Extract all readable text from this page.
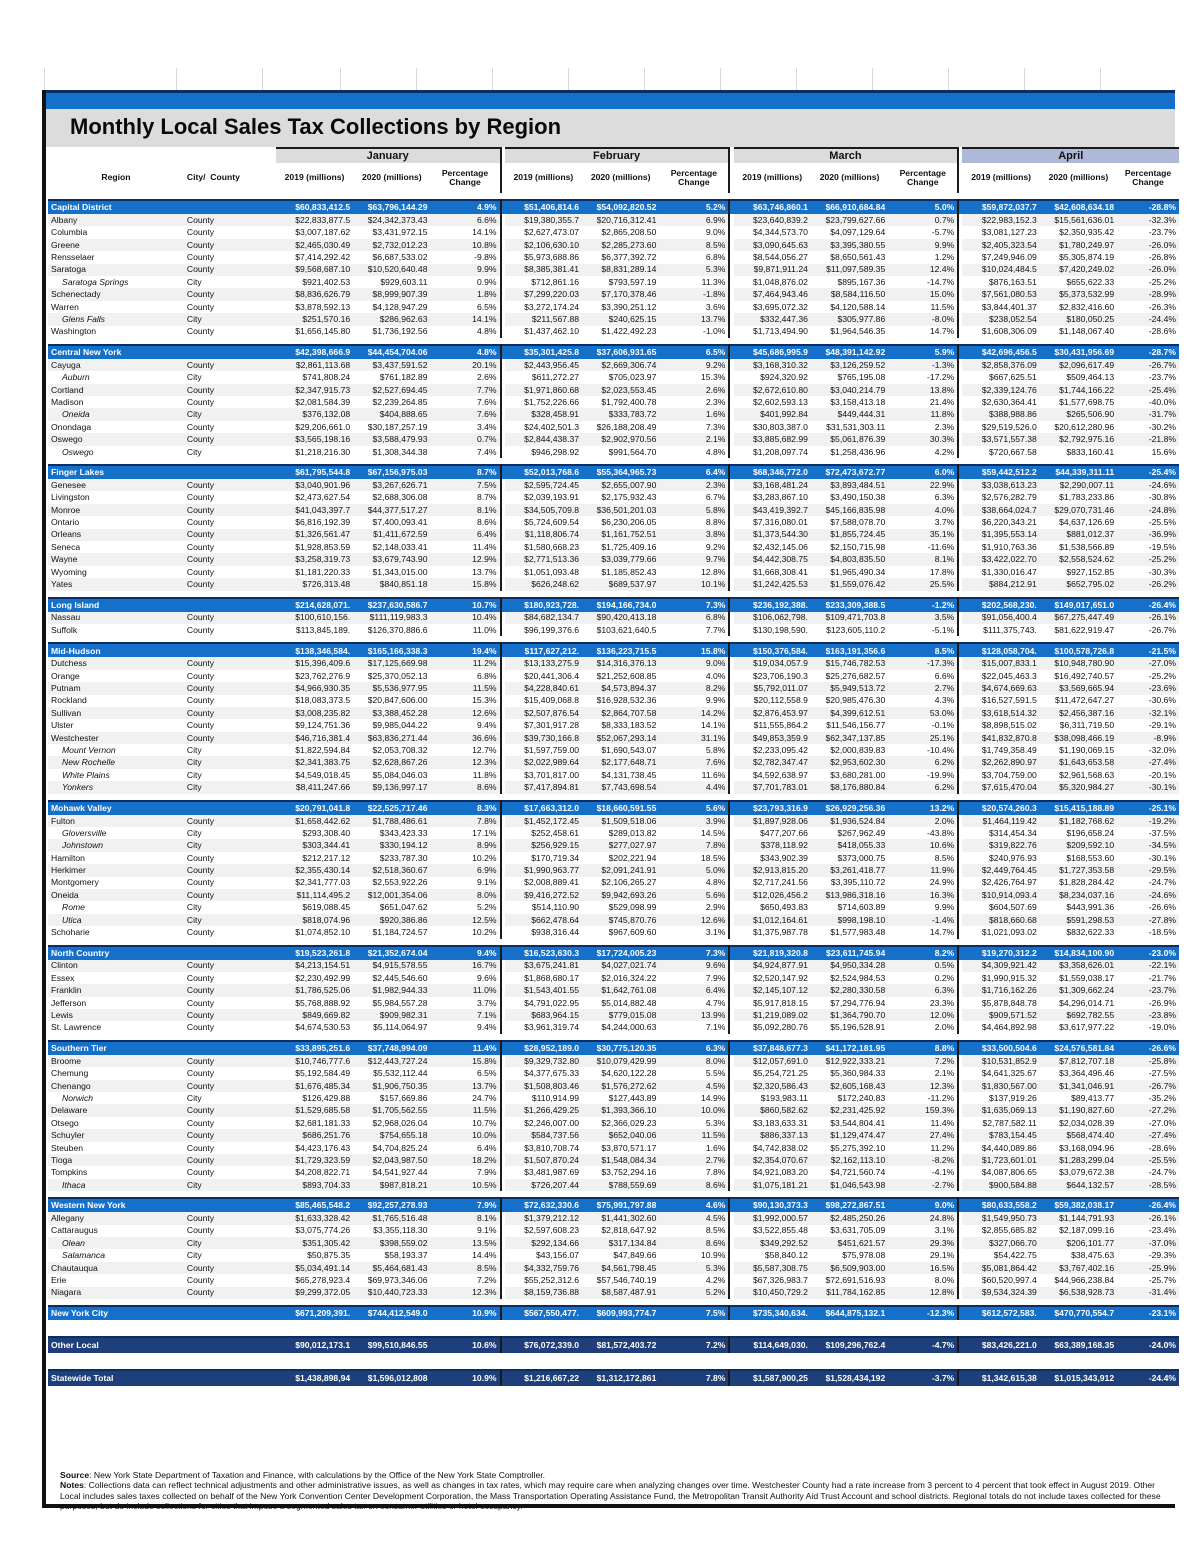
Monthly Local Sales Tax Collections by Region
		January				February				March				April		
Region	City/ County	2019 (millions)	2020 (millions)	Percentage Change		2019 (millions)	2020 (millions)	Percentage Change		2019 (millions)	2020 (millions)	Percentage Change		2019 (millions)	2020 (millions)	Percentage Change

Capital District		$60,833,412.5	$63,796,144.29	4.9%		$51,406,814.6	$54,092,820.52	5.2%		$63,746,860.1	$66,910,684.84	5.0%		$59,872,037.7	$42,608,634.18	-28.8%
Albany	County	$22,833,877.5	$24,342,373.43	6.6%		$19,380,355.7	$20,716,312.41	6.9%		$23,640,839.2	$23,799,627.66	0.7%		$22,983,152.3	$15,561,636.01	-32.3%
Columbia	County	$3,007,187.62	$3,431,972.15	14.1%		$2,627,473.07	$2,865,208.50	9.0%		$4,344,573.70	$4,097,129.64	-5.7%		$3,081,127.23	$2,350,935.42	-23.7%
Greene	County	$2,465,030.49	$2,732,012.23	10.8%		$2,106,630.10	$2,285,273.60	8.5%		$3,090,645.63	$3,395,380.55	9.9%		$2,405,323.54	$1,780,249.97	-26.0%
Rensselaer	County	$7,414,292.42	$6,687,533.02	-9.8%		$5,973,688.86	$6,377,392.72	6.8%		$8,544,056.27	$8,650,561.43	1.2%		$7,249,946.09	$5,305,874.19	-26.8%
Saratoga	County	$9,568,687.10	$10,520,640.48	9.9%		$8,385,381.41	$8,831,289.14	5.3%		$9,871,911.24	$11,097,589.35	12.4%		$10,024,484.5	$7,420,249.02	-26.0%
Saratoga Springs	City	$921,402.53	$929,603.11	0.9%		$712,861.16	$793,597.19	11.3%		$1,048,876.02	$895,167.36	-14.7%		$876,163.51	$655,622.33	-25.2%
Schenectady	County	$8,836,626.79	$8,999,907.39	1.8%		$7,299,220.03	$7,170,378.46	-1.8%		$7,464,943.46	$8,584,116.50	15.0%		$7,561,080.53	$5,373,532.99	-28.9%
Warren	County	$3,878,592.13	$4,128,947.29	6.5%		$3,272,174.24	$3,390,251.12	3.6%		$3,695,072.32	$4,120,588.14	11.5%		$3,844,401.37	$2,832,416.60	-26.3%
Glens Falls	City	$251,570.16	$286,962.63	14.1%		$211,567.88	$240,625.15	13.7%		$332,447.36	$305,977.86	-8.0%		$238,052.54	$180,050.25	-24.4%
Washington	County	$1,656,145.80	$1,736,192.56	4.8%		$1,437,462.10	$1,422,492.23	-1.0%		$1,713,494.90	$1,964,546.35	14.7%		$1,608,306.09	$1,148,067.40	-28.6%

Central New York		$42,398,666.9	$44,454,704.06	4.8%		$35,301,425.8	$37,606,931.65	6.5%		$45,686,995.9	$48,391,142.92	5.9%		$42,696,456.5	$30,431,956.69	-28.7%
Cayuga	County	$2,861,113.68	$3,437,591.52	20.1%		$2,443,956.45	$2,669,306.74	9.2%		$3,168,310.32	$3,126,259.52	-1.3%		$2,858,376.09	$2,096,617.49	-26.7%
Auburn	City	$741,808.24	$761,182.89	2.6%		$611,272.27	$705,023.97	15.3%		$924,320.92	$765,195.08	-17.2%		$667,625.51	$509,464.13	-23.7%
Cortland	County	$2,347,915.73	$2,527,694.45	7.7%		$1,971,860.68	$2,023,553.45	2.6%		$2,672,610.80	$3,040,214.79	13.8%		$2,339,124.76	$1,744,166.22	-25.4%
Madison	County	$2,081,584.39	$2,239,264.85	7.6%		$1,752,226.66	$1,792,400.78	2.3%		$2,602,593.13	$3,158,413.18	21.4%		$2,630,364.41	$1,577,698.75	-40.0%
Oneida	City	$376,132.08	$404,888.65	7.6%		$328,458.91	$333,783.72	1.6%		$401,992.84	$449,444.31	11.8%		$388,988.86	$265,506.90	-31.7%
Onondaga	County	$29,206,661.0	$30,187,257.19	3.4%		$24,402,501.3	$26,188,208.49	7.3%		$30,803,387.0	$31,531,303.11	2.3%		$29,519,526.0	$20,612,280.96	-30.2%
Oswego	County	$3,565,198.16	$3,588,479.93	0.7%		$2,844,438.37	$2,902,970.56	2.1%		$3,885,682.99	$5,061,876.39	30.3%		$3,571,557.38	$2,792,975.16	-21.8%
Oswego	City	$1,218,216.30	$1,308,344.38	7.4%		$946,298.92	$991,564.70	4.8%		$1,208,097.74	$1,258,436.96	4.2%		$720,667.58	$833,160.41	15.6%

Finger Lakes		$61,795,544.8	$67,156,975.03	8.7%		$52,013,768.6	$55,364,965.73	6.4%		$68,346,772.0	$72,473,672.77	6.0%		$59,442,512.2	$44,339,311.11	-25.4%
Genesee	County	$3,040,901.96	$3,267,626.71	7.5%		$2,595,724.45	$2,655,007.90	2.3%		$3,168,481.24	$3,893,484.51	22.9%		$3,038,613.23	$2,290,007.11	-24.6%
Livingston	County	$2,473,627.54	$2,688,306.08	8.7%		$2,039,193.91	$2,175,932.43	6.7%		$3,283,867.10	$3,490,150.38	6.3%		$2,576,282.79	$1,783,233.86	-30.8%
Monroe	County	$41,043,397.7	$44,377,517.27	8.1%		$34,505,709.8	$36,501,201.03	5.8%		$43,419,392.7	$45,166,835.98	4.0%		$38,664,024.7	$29,070,731.46	-24.8%
Ontario	County	$6,816,192.39	$7,400,093.41	8.6%		$5,724,609.54	$6,230,206.05	8.8%		$7,316,080.01	$7,588,078.70	3.7%		$6,220,343.21	$4,637,126.69	-25.5%
Orleans	County	$1,326,561.47	$1,411,672.59	6.4%		$1,118,806.74	$1,161,752.51	3.8%		$1,373,544.30	$1,855,724.45	35.1%		$1,395,553.14	$881,012.37	-36.9%
Seneca	County	$1,928,853.59	$2,148,033.41	11.4%		$1,580,668.23	$1,725,409.16	9.2%		$2,432,145.06	$2,150,715.98	-11.6%		$1,910,763.36	$1,538,566.89	-19.5%
Wayne	County	$3,258,319.73	$3,679,743.90	12.9%		$2,771,513.36	$3,039,779.66	9.7%		$4,442,308.75	$4,803,835.50	8.1%		$3,422,022.70	$2,558,524.62	-25.2%
Wyoming	County	$1,181,220.33	$1,343,015.00	13.7%		$1,051,093.48	$1,185,852.43	12.8%		$1,668,308.41	$1,965,490.34	17.8%		$1,330,016.47	$927,152.85	-30.3%
Yates	County	$726,313.48	$840,851.18	15.8%		$626,248.62	$689,537.97	10.1%		$1,242,425.53	$1,559,076.42	25.5%		$884,212.91	$652,795.02	-26.2%

Long Island		$214,628,071.	$237,630,586.7	10.7%		$180,923,728.	$194,166,734.0	7.3%		$236,192,388.	$233,309,388.5	-1.2%		$202,568,230.	$149,017,651.0	-26.4%
Nassau	County	$100,610,156.	$111,119,983.3	10.4%		$84,682,134.7	$90,420,413.18	6.8%		$106,062,798.	$109,471,703.8	3.5%		$91,056,400.4	$67,275,447.49	-26.1%
Suffolk	County	$113,845,189.	$126,370,886.6	11.0%		$96,199,376.6	$103,621,640.5	7.7%		$130,198,590.	$123,605,110.2	-5.1%		$111,375,743.	$81,622,919.47	-26.7%

Mid-Hudson		$138,346,584.	$165,166,338.3	19.4%		$117,627,212.	$136,223,715.5	15.8%		$150,376,584.	$163,191,356.6	8.5%		$128,058,704.	$100,578,726.8	-21.5%
Dutchess	County	$15,396,409.6	$17,125,669.98	11.2%		$13,133,275.9	$14,316,376.13	9.0%		$19,034,057.9	$15,746,782.53	-17.3%		$15,007,833.1	$10,948,780.90	-27.0%
Orange	County	$23,762,276.9	$25,370,052.13	6.8%		$20,441,306.4	$21,252,608.85	4.0%		$23,706,190.3	$25,276,682.57	6.6%		$22,045,463.3	$16,492,740.57	-25.2%
Putnam	County	$4,966,930.35	$5,536,977.95	11.5%		$4,228,840.61	$4,573,894.37	8.2%		$5,792,011.07	$5,949,513.72	2.7%		$4,674,669.63	$3,569,665.94	-23.6%
Rockland	County	$18,083,373.5	$20,847,606.00	15.3%		$15,409,068.8	$16,928,532.36	9.9%		$20,112,558.9	$20,985,476.30	4.3%		$16,527,591.5	$11,472,647.27	-30.6%
Sullivan	County	$3,008,235.82	$3,388,452.28	12.6%		$2,507,876.54	$2,864,707.58	14.2%		$2,876,453.97	$4,399,612.51	53.0%		$3,618,514.32	$2,456,387.16	-32.1%
Ulster	County	$9,124,751.36	$9,985,044.22	9.4%		$7,301,917.28	$8,333,183.52	14.1%		$11,555,864.2	$11,546,156.77	-0.1%		$8,898,515.02	$6,311,719.50	-29.1%
Westchester	County	$46,716,381.4	$63,836,271.44	36.6%		$39,730,166.8	$52,067,293.14	31.1%		$49,853,359.9	$62,347,137.85	25.1%		$41,832,870.8	$38,098,466.19	-8.9%
Mount Vernon	City	$1,822,594.84	$2,053,708.32	12.7%		$1,597,759.00	$1,690,543.07	5.8%		$2,233,095.42	$2,000,839.83	-10.4%		$1,749,358.49	$1,190,069.15	-32.0%
New Rochelle	City	$2,341,383.75	$2,628,867.26	12.3%		$2,022,989.64	$2,177,648.71	7.6%		$2,782,347.47	$2,953,602.30	6.2%		$2,262,890.97	$1,643,653.58	-27.4%
White Plains	City	$4,549,018.45	$5,084,046.03	11.8%		$3,701,817.00	$4,131,738.45	11.6%		$4,592,638.97	$3,680,281.00	-19.9%		$3,704,759.00	$2,961,568.63	-20.1%
Yonkers	City	$8,411,247.66	$9,136,997.17	8.6%		$7,417,894.81	$7,743,698.54	4.4%		$7,701,783.01	$8,176,880.84	6.2%		$7,615,470.04	$5,320,984.27	-30.1%

Mohawk Valley		$20,791,041.8	$22,525,717.46	8.3%		$17,663,312.0	$18,660,591.55	5.6%		$23,793,316.9	$26,929,256.36	13.2%		$20,574,260.3	$15,415,188.89	-25.1%
Fulton	County	$1,658,442.62	$1,788,486.61	7.8%		$1,452,172.45	$1,509,518.06	3.9%		$1,897,928.06	$1,936,524.84	2.0%		$1,464,119.42	$1,182,768.62	-19.2%
Gloversville	City	$293,308.40	$343,423.33	17.1%		$252,458.61	$289,013.82	14.5%		$477,207.66	$267,962.49	-43.8%		$314,454.34	$196,658.24	-37.5%
Johnstown	City	$303,344.41	$330,194.12	8.9%		$256,929.15	$277,027.97	7.8%		$378,118.92	$418,055.33	10.6%		$319,822.76	$209,592.10	-34.5%
Hamilton	County	$212,217.12	$233,787.30	10.2%		$170,719.34	$202,221.94	18.5%		$343,902.39	$373,000.75	8.5%		$240,976.93	$168,553.60	-30.1%
Herkimer	County	$2,355,430.14	$2,518,360.67	6.9%		$1,990,963.77	$2,091,241.91	5.0%		$2,913,815.20	$3,261,418.77	11.9%		$2,449,764.45	$1,727,353.58	-29.5%
Montgomery	County	$2,341,777.03	$2,553,922.26	9.1%		$2,008,889.41	$2,106,265.27	4.8%		$2,717,241.56	$3,395,110.72	24.9%		$2,426,764.97	$1,828,284.42	-24.7%
Oneida	County	$11,114,495.2	$12,001,354.06	8.0%		$9,416,272.52	$9,942,693.26	5.6%		$12,026,456.2	$13,986,318.16	16.3%		$10,914,093.4	$8,234,037.16	-24.6%
Rome	City	$619,088.45	$651,047.62	5.2%		$514,110.90	$529,098.99	2.9%		$650,493.83	$714,603.89	9.9%		$604,507.69	$443,991.36	-26.6%
Utica	City	$818,074.96	$920,386.86	12.5%		$662,478.64	$745,870.76	12.6%		$1,012,164.61	$998,198.10	-1.4%		$818,660.68	$591,298.53	-27.8%
Schoharie	County	$1,074,852.10	$1,184,724.57	10.2%		$938,316.44	$967,609.60	3.1%		$1,375,987.78	$1,577,983.48	14.7%		$1,021,093.02	$832,622.33	-18.5%

North Country		$19,523,261.8	$21,352,674.04	9.4%		$16,523,630.3	$17,724,005.23	7.3%		$21,819,320.8	$23,611,745.94	8.2%		$19,270,312.2	$14,834,100.90	-23.0%
Clinton	County	$4,213,154.51	$4,915,578.55	16.7%		$3,675,241.81	$4,027,021.74	9.6%		$4,924,877.91	$4,950,334.28	0.5%		$4,309,921.42	$3,358,626.01	-22.1%
Essex	County	$2,230,492.99	$2,445,546.60	9.6%		$1,868,680.17	$2,016,324.22	7.9%		$2,520,147.92	$2,524,984.53	0.2%		$1,990,915.32	$1,559,038.17	-21.7%
Franklin	County	$1,786,525.06	$1,982,944.33	11.0%		$1,543,401.55	$1,642,761.08	6.4%		$2,145,107.12	$2,280,330.58	6.3%		$1,716,162.26	$1,309,662.24	-23.7%
Jefferson	County	$5,768,888.92	$5,984,557.28	3.7%		$4,791,022.95	$5,014,882.48	4.7%		$5,917,818.15	$7,294,776.94	23.3%		$5,878,848.78	$4,296,014.71	-26.9%
Lewis	County	$849,669.82	$909,982.31	7.1%		$683,964.15	$779,015.08	13.9%		$1,219,089.02	$1,364,790.70	12.0%		$909,571.52	$692,782.55	-23.8%
St. Lawrence	County	$4,674,530.53	$5,114,064.97	9.4%		$3,961,319.74	$4,244,000.63	7.1%		$5,092,280.76	$5,196,528.91	2.0%		$4,464,892.98	$3,617,977.22	-19.0%

Southern Tier		$33,895,251.6	$37,748,994.09	11.4%		$28,952,189.0	$30,775,120.35	6.3%		$37,848,677.3	$41,172,181.95	8.8%		$33,500,504.6	$24,576,581.84	-26.6%
Broome	County	$10,746,777.6	$12,443,727.24	15.8%		$9,329,732.80	$10,079,429.99	8.0%		$12,057,691.0	$12,922,333.21	7.2%		$10,531,852.9	$7,812,707.18	-25.8%
Chemung	County	$5,192,584.49	$5,532,112.44	6.5%		$4,377,675.33	$4,620,122.28	5.5%		$5,254,721.25	$5,360,984.33	2.1%		$4,641,325.67	$3,364,496.46	-27.5%
Chenango	County	$1,676,485.34	$1,906,750.35	13.7%		$1,508,803.46	$1,576,272.62	4.5%		$2,320,586.43	$2,605,168.43	12.3%		$1,830,567.00	$1,341,046.91	-26.7%
Norwich	City	$126,429.88	$157,669.86	24.7%		$110,914.99	$127,443.89	14.9%		$193,983.11	$172,240.83	-11.2%		$137,919.26	$89,413.77	-35.2%
Delaware	County	$1,529,685.58	$1,705,562.55	11.5%		$1,266,429.25	$1,393,366.10	10.0%		$860,582.62	$2,231,425.92	159.3%		$1,635,069.13	$1,190,827.60	-27.2%
Otsego	County	$2,681,181.33	$2,968,026.04	10.7%		$2,246,007.00	$2,366,029.23	5.3%		$3,183,633.31	$3,544,804.41	11.4%		$2,787,582.11	$2,034,028.39	-27.0%
Schuyler	County	$686,251.76	$754,655.18	10.0%		$584,737.56	$652,040.06	11.5%		$886,337.13	$1,129,474.47	27.4%		$783,154.45	$568,474.40	-27.4%
Steuben	County	$4,423,176.43	$4,704,825.24	6.4%		$3,810,708.74	$3,870,571.17	1.6%		$4,742,838.02	$5,275,392.10	11.2%		$4,440,089.86	$3,168,094.96	-28.6%
Tioga	County	$1,729,323.59	$2,043,987.50	18.2%		$1,507,870.24	$1,548,084.34	2.7%		$2,354,070.67	$2,162,113.10	-8.2%		$1,723,601.01	$1,283,299.04	-25.5%
Tompkins	County	$4,208,822.71	$4,541,927.44	7.9%		$3,481,987.69	$3,752,294.16	7.8%		$4,921,083.20	$4,721,560.74	-4.1%		$4,087,806.65	$3,079,672.38	-24.7%
Ithaca	City	$893,704.33	$987,818.21	10.5%		$726,207.44	$788,559.69	8.6%		$1,075,181.21	$1,046,543.98	-2.7%		$900,584.88	$644,132.57	-28.5%

Western New York		$85,465,548.2	$92,257,278.93	7.9%		$72,632,330.6	$75,991,797.88	4.6%		$90,130,373.3	$98,272,867.51	9.0%		$80,633,558.2	$59,382,038.17	-26.4%
Allegany	County	$1,633,328.42	$1,765,516.48	8.1%		$1,379,212.12	$1,441,302.60	4.5%		$1,992,000.57	$2,485,250.26	24.8%		$1,549,950.73	$1,144,791.93	-26.1%
Cattaraugus	County	$3,075,774.26	$3,355,118.30	9.1%		$2,597,608.23	$2,818,647.92	8.5%		$3,522,855.48	$3,631,705.09	3.1%		$2,855,685.82	$2,187,099.16	-23.4%
Olean	City	$351,305.42	$398,559.02	13.5%		$292,134.66	$317,134.84	8.6%		$349,292.52	$451,621.57	29.3%		$327,066.70	$206,101.77	-37.0%
Salamanca	City	$50,875.35	$58,193.37	14.4%		$43,156.07	$47,849.66	10.9%		$58,840.12	$75,978.08	29.1%		$54,422.75	$38,475.63	-29.3%
Chautauqua	County	$5,034,491.14	$5,464,681.43	8.5%		$4,332,759.76	$4,561,798.45	5.3%		$5,587,308.75	$6,509,903.00	16.5%		$5,081,864.42	$3,767,402.16	-25.9%
Erie	County	$65,278,923.4	$69,973,346.06	7.2%		$55,252,312.6	$57,546,740.19	4.2%		$67,326,983.7	$72,691,516.93	8.0%		$60,520,997.4	$44,966,238.84	-25.7%
Niagara	County	$9,299,372.05	$10,440,723.33	12.3%		$8,159,736.88	$8,587,487.91	5.2%		$10,450,729.2	$11,784,162.85	12.8%		$9,534,324.39	$6,538,928.73	-31.4%

New York City		$671,209,391.	$744,412,549.0	10.9%		$567,550,477.	$609,993,774.7	7.5%		$735,340,634.	$644,875,132.1	-12.3%		$612,572,583.	$470,770,554.7	-23.1%

Other Local		$90,012,173.1	$99,510,846.55	10.6%		$76,072,339.0	$81,572,403.72	7.2%		$114,649,030.	$109,296,762.4	-4.7%		$83,426,221.0	$63,389,168.35	-24.0%

Statewide Total		$1,438,898,94	$1,596,012,808	10.9%		$1,216,667,22	$1,312,172,861	7.8%		$1,587,900,25	$1,528,434,192	-3.7%		$1,342,615,38	$1,015,343,912	-24.4%
Source: New York State Department of Taxation and Finance, with calculations by the Office of the New York State Comptroller.
Notes: Collections data can reflect technical adjustments and other administrative issues, as well as changes in tax rates, which may require care when analyzing changes over time. Westchester County had a rate increase from 3 percent to 4 percent that took effect in August 2019. Other Local includes sales taxes collected on behalf of the New York Convention Center Development Corporation, the Mass Transportation Operating Assistance Fund, the Metropolitan Transit Authority Aid Trust Account and school districts. Regional totals do not include taxes collected for these purposes, but do include collections for cities that impose a segmented sales tax on consumer utilities or hotel occupancy.
